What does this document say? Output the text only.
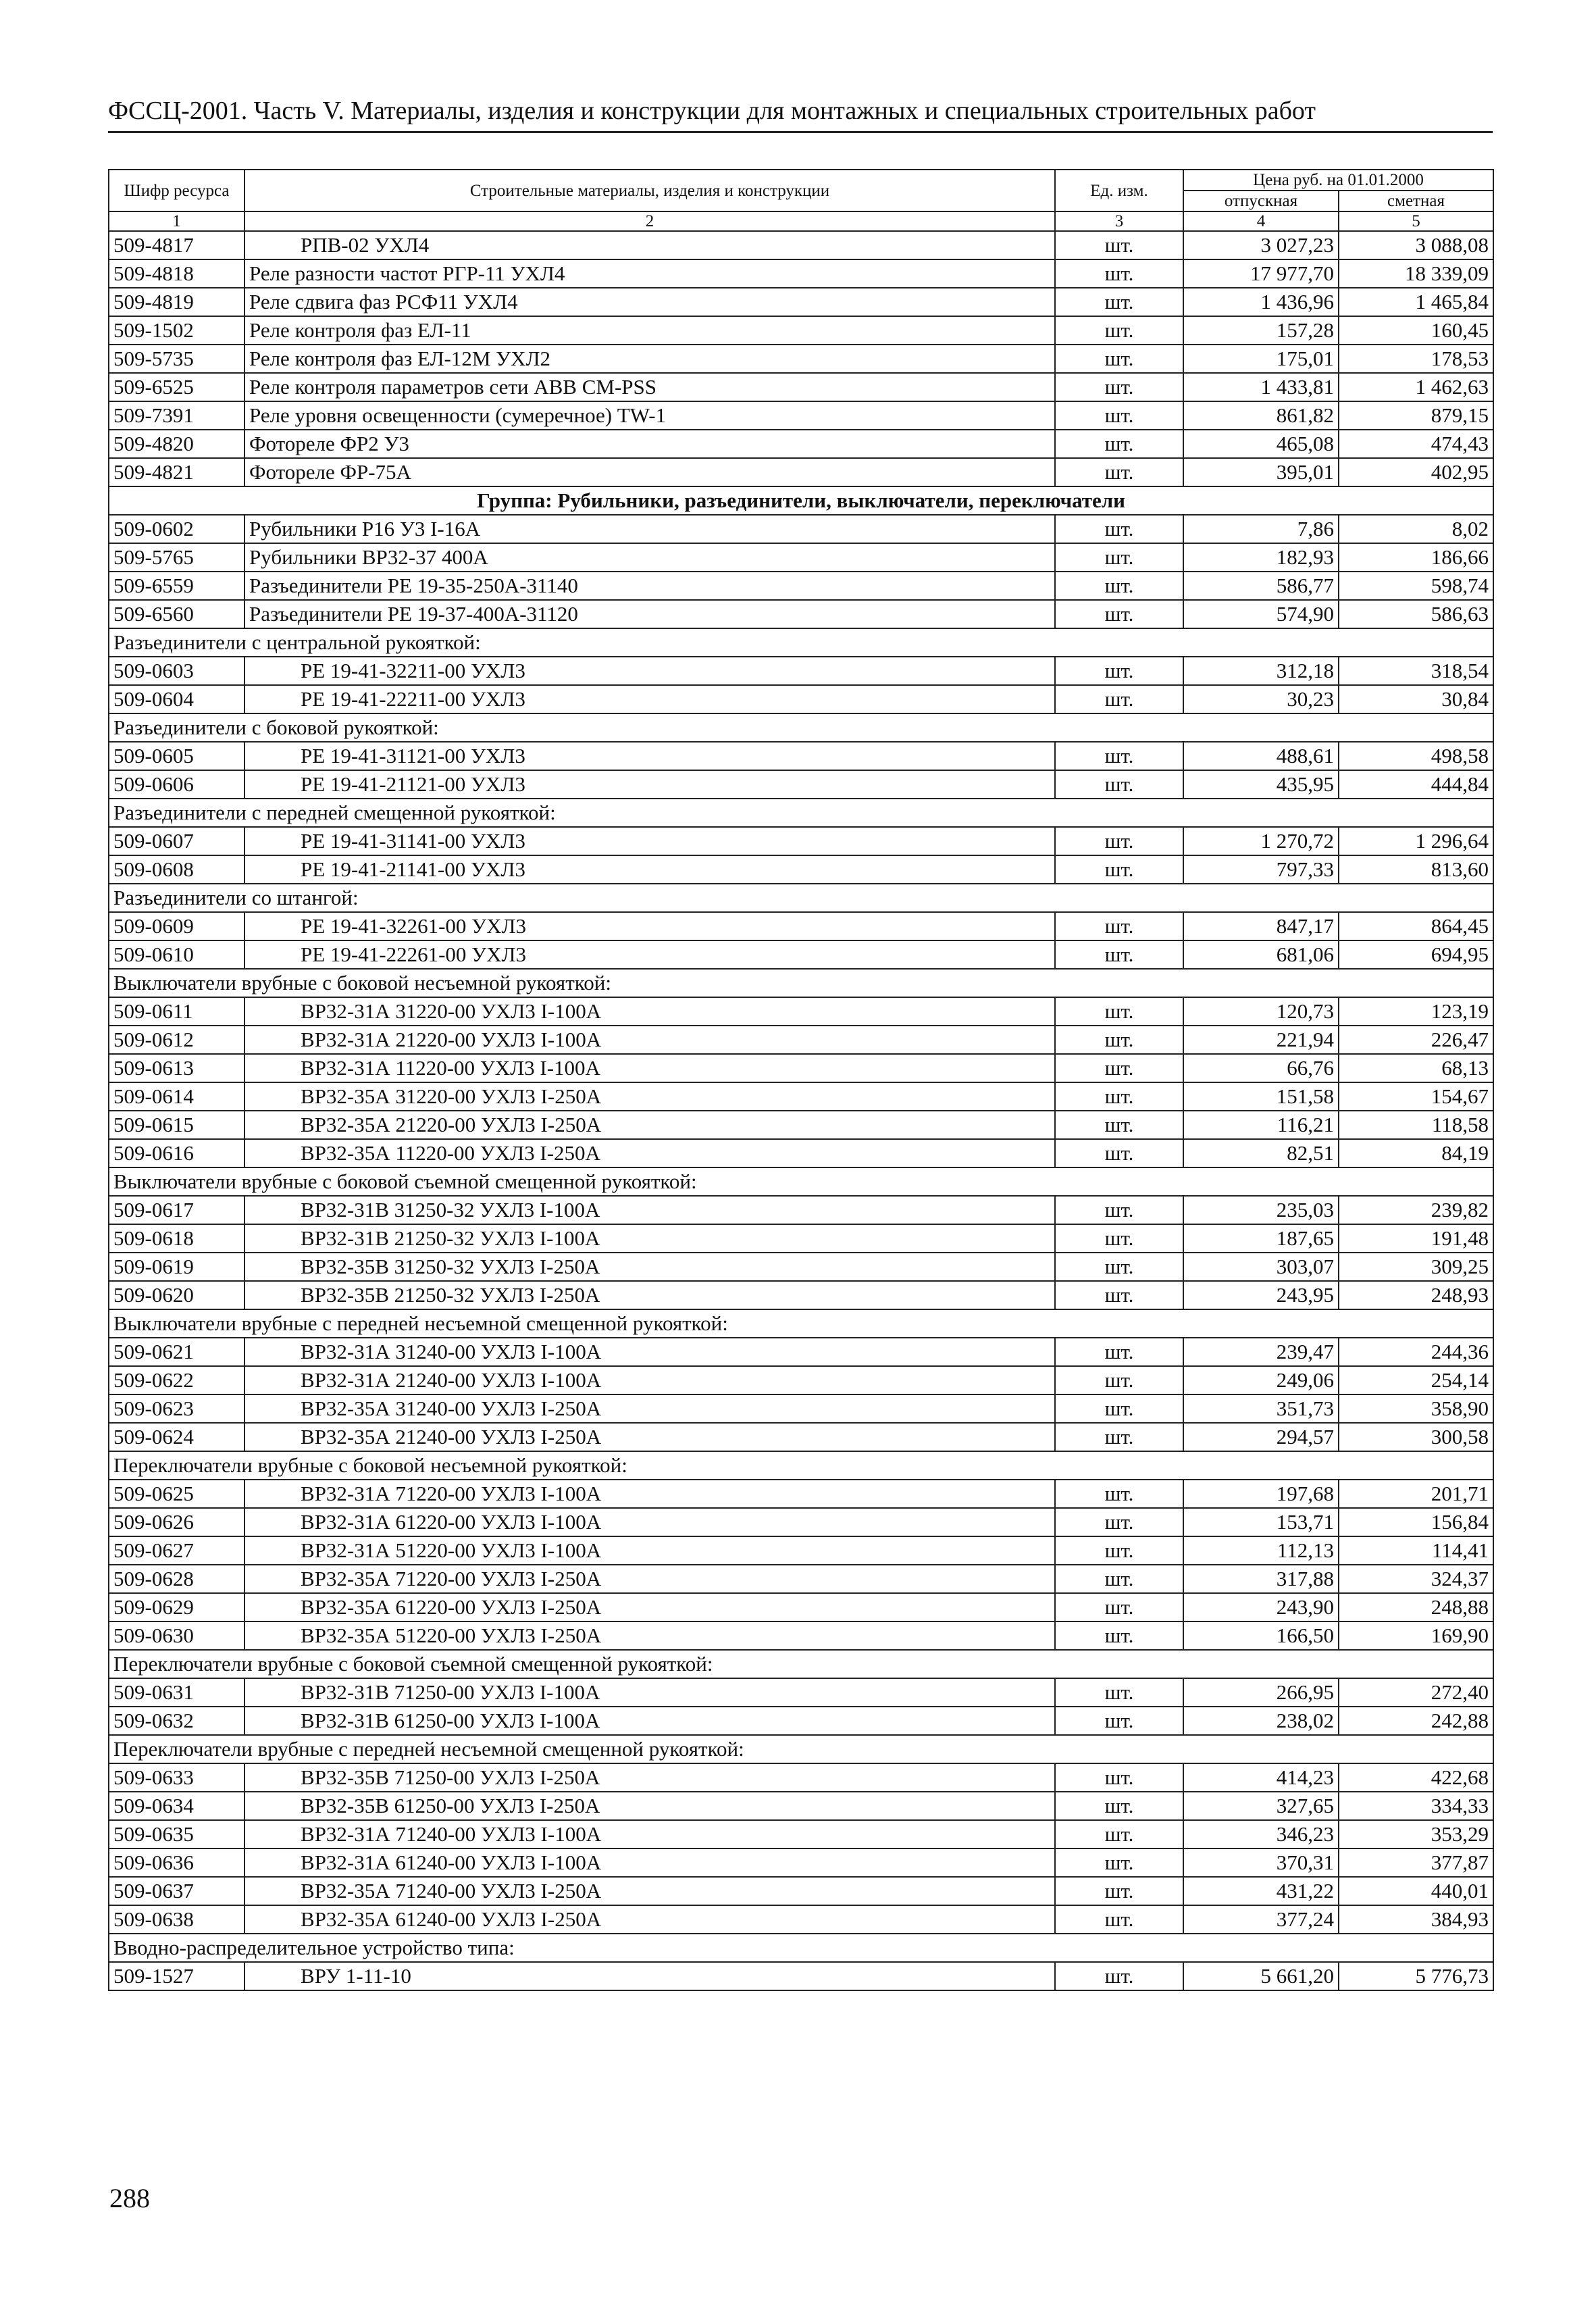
ФССЦ-2001. Часть V. Материалы, изделия и конструкции для монтажных и специальных строительных работ
Шифр ресурса	Строительные материалы, изделия и конструкции	Ед. изм.	Цена руб. на 01.01.2000	
			отпускная	сметная
1	2	3	4	5
509-4817	РПВ-02 УХЛ4	шт.	3 027,23	3 088,08
509-4818	Реле разности частот РГР-11 УХЛ4	шт.	17 977,70	18 339,09
509-4819	Реле сдвига фаз РСФ11 УХЛ4	шт.	1 436,96	1 465,84
509-1502	Реле контроля фаз ЕЛ-11	шт.	157,28	160,45
509-5735	Реле контроля фаз ЕЛ-12М УХЛ2	шт.	175,01	178,53
509-6525	Реле контроля параметров сети ABB CM-PSS	шт.	1 433,81	1 462,63
509-7391	Реле уровня освещенности (сумеречное) TW-1	шт.	861,82	879,15
509-4820	Фотореле ФР2 У3	шт.	465,08	474,43
509-4821	Фотореле ФР-75А	шт.	395,01	402,95
Группа: Рубильники, разъединители, выключатели, переключатели				
509-0602	Рубильники Р16 У3 I-16A	шт.	7,86	8,02
509-5765	Рубильники ВР32-37 400А	шт.	182,93	186,66
509-6559	Разъединители РЕ 19-35-250А-31140	шт.	586,77	598,74
509-6560	Разъединители РЕ 19-37-400А-31120	шт.	574,90	586,63
Разъединители с центральной рукояткой:				
509-0603	РЕ 19-41-32211-00 УХЛ3	шт.	312,18	318,54
509-0604	РЕ 19-41-22211-00 УХЛ3	шт.	30,23	30,84
Разъединители с боковой рукояткой:				
509-0605	РЕ 19-41-31121-00 УХЛ3	шт.	488,61	498,58
509-0606	РЕ 19-41-21121-00 УХЛ3	шт.	435,95	444,84
Разъединители с передней смещенной рукояткой:				
509-0607	РЕ 19-41-31141-00 УХЛ3	шт.	1 270,72	1 296,64
509-0608	РЕ 19-41-21141-00 УХЛ3	шт.	797,33	813,60
Разъединители со штангой:				
509-0609	РЕ 19-41-32261-00 УХЛ3	шт.	847,17	864,45
509-0610	РЕ 19-41-22261-00 УХЛ3	шт.	681,06	694,95
Выключатели врубные с боковой несъемной рукояткой:				
509-0611	ВР32-31А 31220-00 УХЛ3 I-100А	шт.	120,73	123,19
509-0612	ВР32-31А 21220-00 УХЛ3 I-100А	шт.	221,94	226,47
509-0613	ВР32-31А 11220-00 УХЛ3 I-100А	шт.	66,76	68,13
509-0614	ВР32-35А 31220-00 УХЛ3 I-250А	шт.	151,58	154,67
509-0615	ВР32-35А 21220-00 УХЛ3 I-250А	шт.	116,21	118,58
509-0616	ВР32-35А 11220-00 УХЛ3 I-250А	шт.	82,51	84,19
Выключатели врубные с боковой съемной смещенной рукояткой:				
509-0617	ВР32-31В 31250-32 УХЛ3 I-100А	шт.	235,03	239,82
509-0618	ВР32-31В 21250-32 УХЛ3 I-100А	шт.	187,65	191,48
509-0619	ВР32-35В 31250-32 УХЛ3 I-250А	шт.	303,07	309,25
509-0620	ВР32-35В 21250-32 УХЛ3 I-250А	шт.	243,95	248,93
Выключатели врубные с передней несъемной смещенной рукояткой:				
509-0621	ВР32-31А 31240-00 УХЛ3 I-100А	шт.	239,47	244,36
509-0622	ВР32-31А 21240-00 УХЛ3 I-100А	шт.	249,06	254,14
509-0623	ВР32-35А 31240-00 УХЛ3 I-250А	шт.	351,73	358,90
509-0624	ВР32-35А 21240-00 УХЛ3 I-250А	шт.	294,57	300,58
Переключатели врубные с боковой несъемной рукояткой:				
509-0625	ВР32-31А 71220-00 УХЛ3 I-100А	шт.	197,68	201,71
509-0626	ВР32-31А 61220-00 УХЛ3 I-100А	шт.	153,71	156,84
509-0627	ВР32-31А 51220-00 УХЛ3 I-100А	шт.	112,13	114,41
509-0628	ВР32-35А 71220-00 УХЛ3 I-250А	шт.	317,88	324,37
509-0629	ВР32-35А 61220-00 УХЛ3 I-250А	шт.	243,90	248,88
509-0630	ВР32-35А 51220-00 УХЛ3 I-250А	шт.	166,50	169,90
Переключатели врубные с боковой съемной смещенной рукояткой:				
509-0631	ВР32-31В 71250-00 УХЛ3 I-100А	шт.	266,95	272,40
509-0632	ВР32-31В 61250-00 УХЛ3 I-100А	шт.	238,02	242,88
Переключатели врубные с передней несъемной смещенной рукояткой:				
509-0633	ВР32-35В 71250-00 УХЛ3 I-250А	шт.	414,23	422,68
509-0634	ВР32-35В 61250-00 УХЛ3 I-250А	шт.	327,65	334,33
509-0635	ВР32-31А 71240-00 УХЛ3 I-100А	шт.	346,23	353,29
509-0636	ВР32-31А 61240-00 УХЛ3 I-100А	шт.	370,31	377,87
509-0637	ВР32-35А 71240-00 УХЛ3 I-250А	шт.	431,22	440,01
509-0638	ВР32-35А 61240-00 УХЛ3 I-250А	шт.	377,24	384,93
Вводно-распределительное устройство типа:				
509-1527	ВРУ 1-11-10	шт.	5 661,20	5 776,73
288
